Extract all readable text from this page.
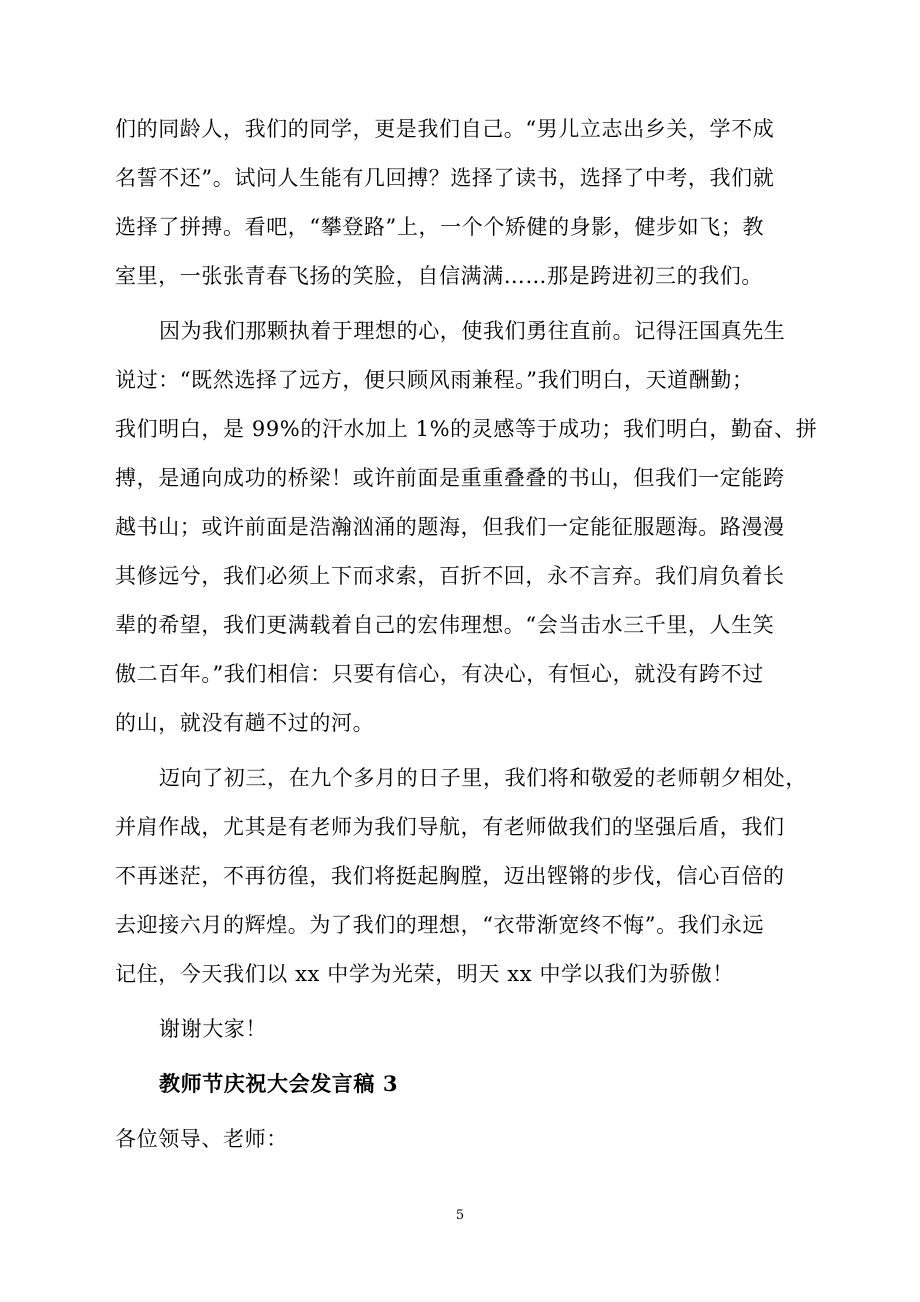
们的同龄人，我们的同学，更是我们自己。“男儿立志出乡关，学不成
名誓不还”。试问人生能有几回搏？选择了读书，选择了中考，我们就
选择了拼搏。看吧，“攀登路”上，一个个矫健的身影，健步如飞；教
室里，一张张青春飞扬的笑脸，自信满满……那是跨进初三的我们。
因为我们那颗执着于理想的心，使我们勇往直前。记得汪国真先生
说过：“既然选择了远方，便只顾风雨兼程。”我们明白，天道酬勤；
我们明白，是 99%的汗水加上 1%的灵感等于成功；我们明白，勤奋、拼
搏，是通向成功的桥梁！或许前面是重重叠叠的书山，但我们一定能跨
越书山；或许前面是浩瀚汹涌的题海，但我们一定能征服题海。路漫漫
其修远兮，我们必须上下而求索，百折不回，永不言弃。我们肩负着长
辈的希望，我们更满载着自己的宏伟理想。“会当击水三千里，人生笑
傲二百年。”我们相信：只要有信心，有决心，有恒心，就没有跨不过
的山，就没有趟不过的河。
迈向了初三，在九个多月的日子里，我们将和敬爱的老师朝夕相处，
并肩作战，尤其是有老师为我们导航，有老师做我们的坚强后盾，我们
不再迷茫，不再彷徨，我们将挺起胸膛，迈出铿锵的步伐，信心百倍的
去迎接六月的辉煌。为了我们的理想，“衣带渐宽终不悔”。我们永远
记住，今天我们以 xx 中学为光荣，明天 xx 中学以我们为骄傲！
谢谢大家！
教师节庆祝大会发言稿 3
各位领导、老师：
5
